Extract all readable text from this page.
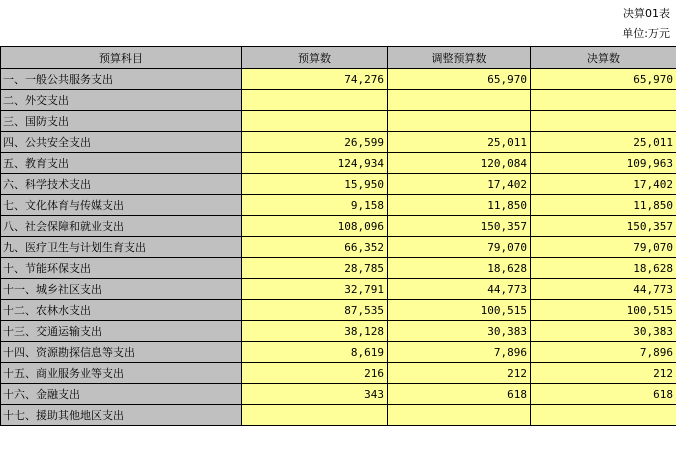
决算01表
单位:万元
预算科目	预算数	调整预算数	决算数
一、一般公共服务支出	74,276	65,970	65,970
二、外交支出			
三、国防支出			
四、公共安全支出	26,599	25,011	25,011
五、教育支出	124,934	120,084	109,963
六、科学技术支出	15,950	17,402	17,402
七、文化体育与传媒支出	9,158	11,850	11,850
八、社会保障和就业支出	108,096	150,357	150,357
九、医疗卫生与计划生育支出	66,352	79,070	79,070
十、节能环保支出	28,785	18,628	18,628
十一、城乡社区支出	32,791	44,773	44,773
十二、农林水支出	87,535	100,515	100,515
十三、交通运输支出	38,128	30,383	30,383
十四、资源勘探信息等支出	8,619	7,896	7,896
十五、商业服务业等支出	216	212	212
十六、金融支出	343	618	618
十七、援助其他地区支出			
